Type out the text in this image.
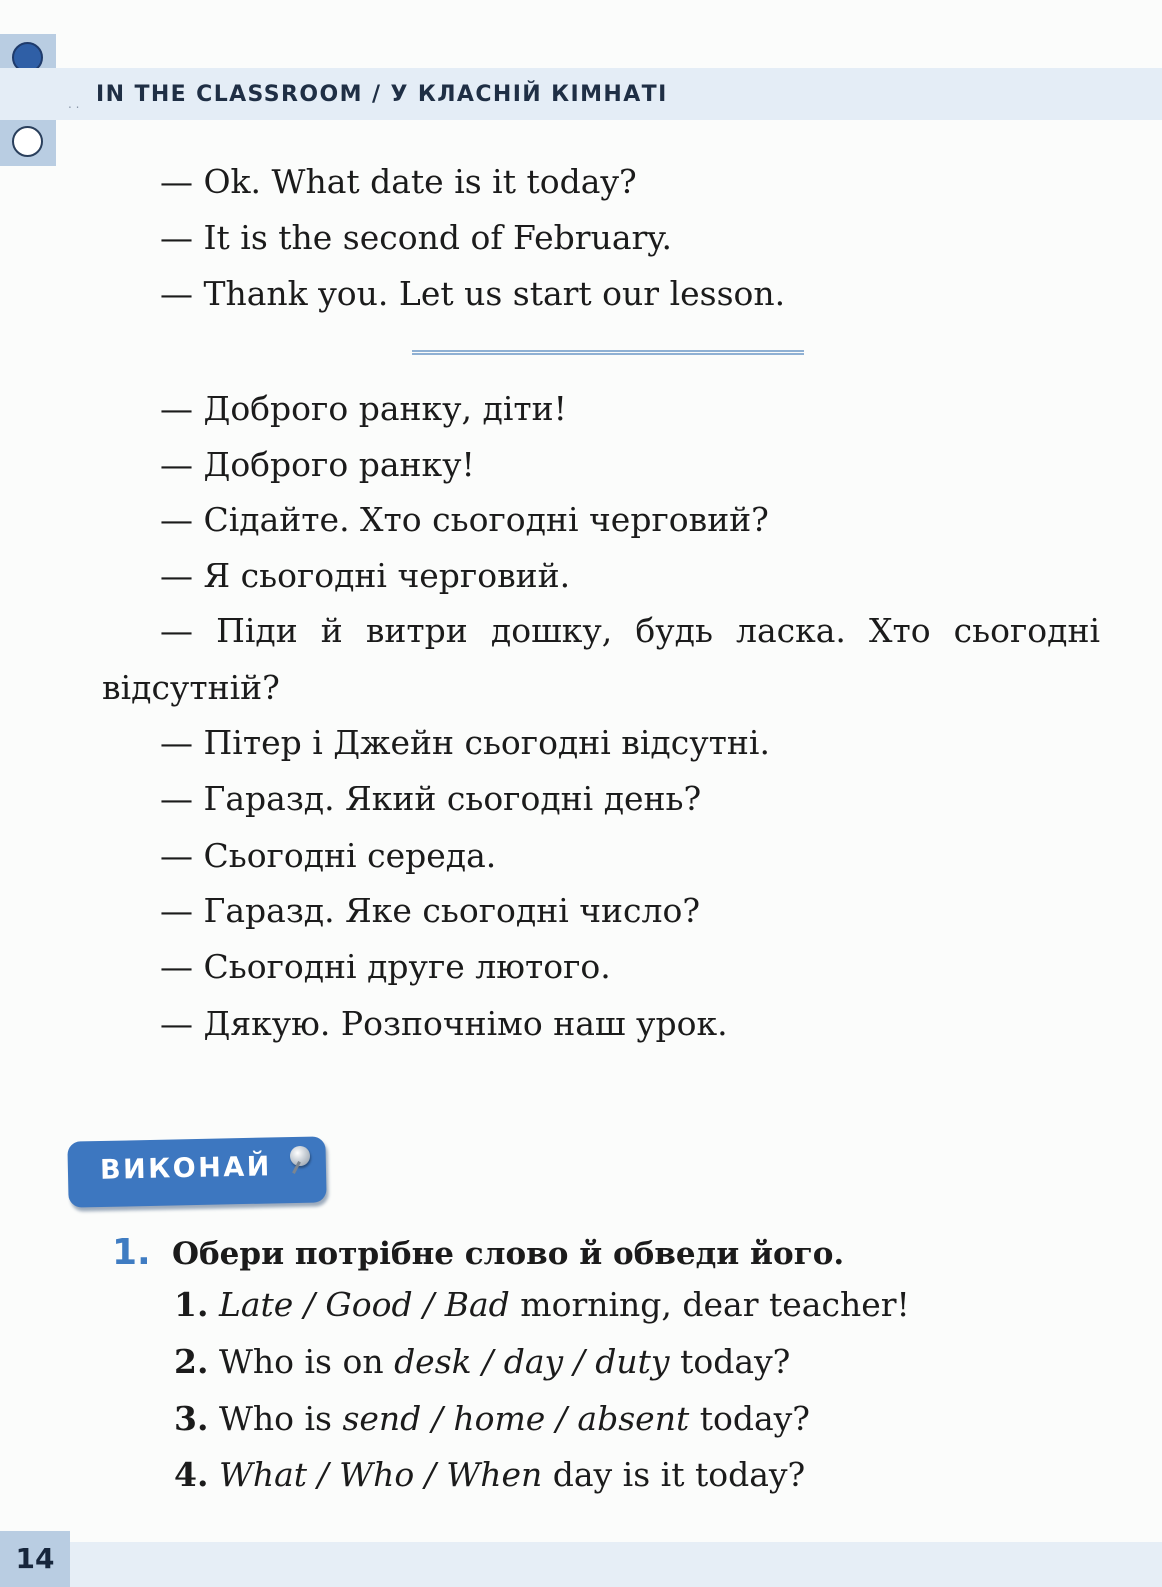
. . IN THE CLASSROOM / У КЛАСНІЙ КІМНАТІ
— Ok. What date is it today?
— It is the second of February.
— Thank you. Let us start our lesson.
— Доброго ранку, діти!
— Доброго ранку!
— Сідайте. Хто сьогодні черговий?
— Я сьогодні черговий.
— Піди й витри дошку, будь ласка. Хто сьогодні
відсутній?
— Пітер і Джейн сьогодні відсутні.
— Гаразд. Який сьогодні день?
— Сьогодні середа.
— Гаразд. Яке сьогодні число?
— Сьогодні друге лютого.
— Дякую. Розпочнімо наш урок.
ВИКОНАЙ
1. Обери потрібне слово й обведи його.
1. Late / Good / Bad morning, dear teacher!
2. Who is on desk / day / duty today?
3. Who is send / home / absent today?
4. What / Who / When day is it today?
14
